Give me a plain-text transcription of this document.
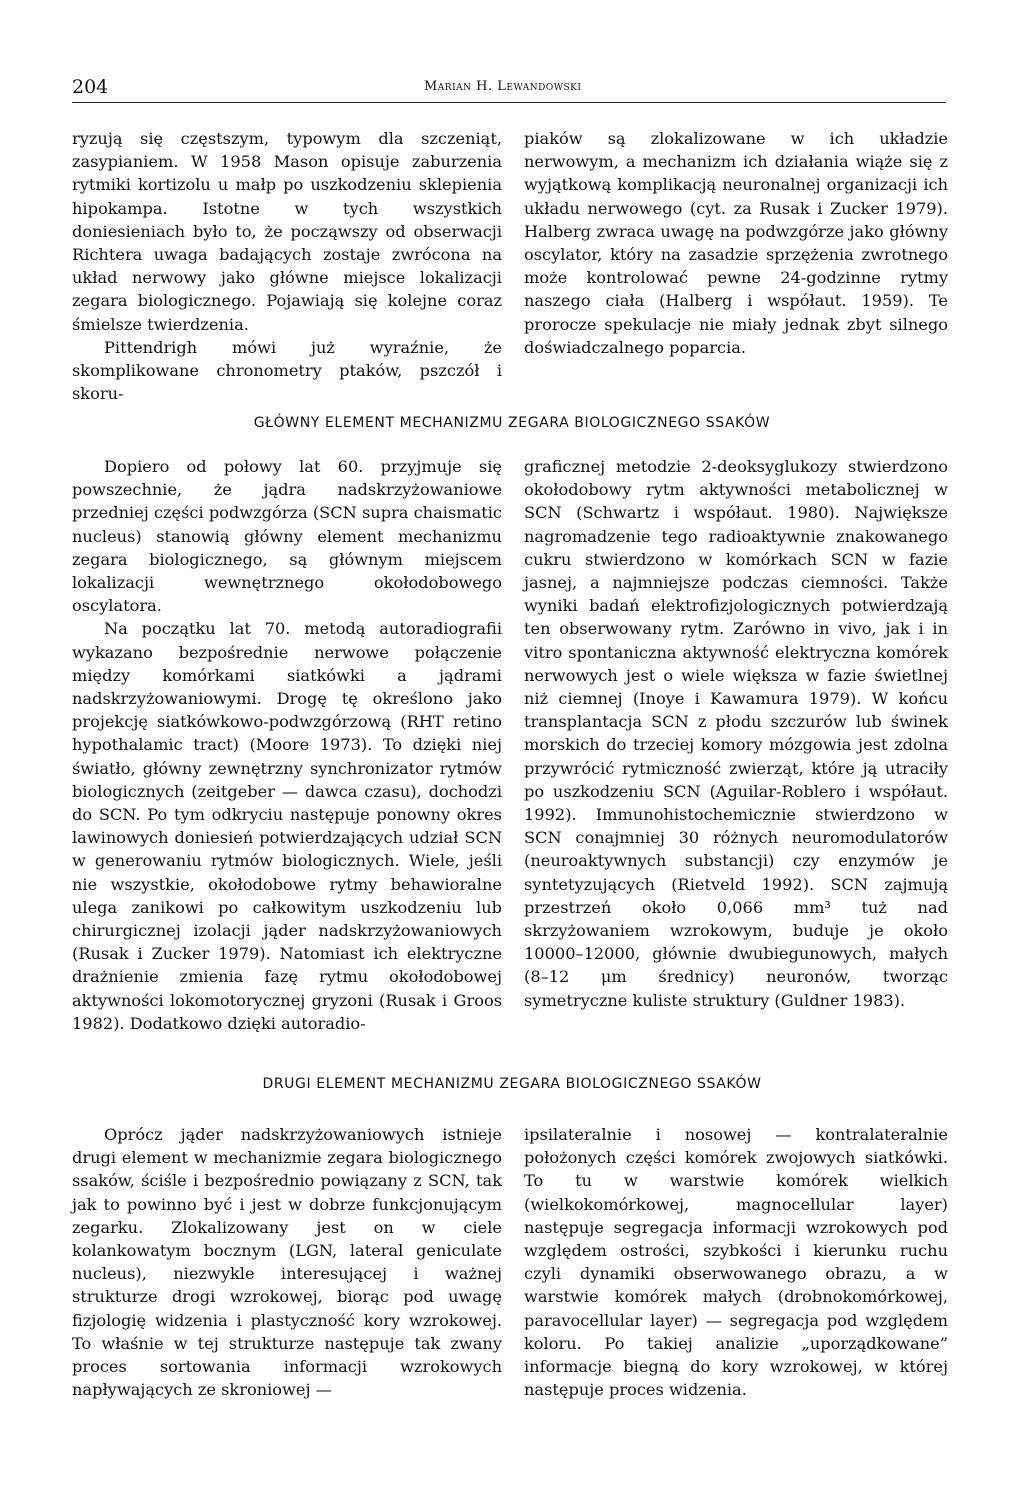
204	Marian H. Lewandowski

ryzują się częstszym, typowym dla szczeniąt, zasypianiem. W 1958 Mason opisuje zaburzenia rytmiki kortizolu u małp po uszkodzeniu sklepienia hipokampa. Istotne w tych wszystkich doniesieniach było to, że począwszy od obserwacji Richtera uwaga badających zostaje zwrócona na układ nerwowy jako główne miejsce lokalizacji zegara biologicznego. Pojawiają się kolejne coraz śmielsze twierdzenia.

Pittendrigh mówi już wyraźnie, że skomplikowane chronometry ptaków, pszczół i skoru-

piaków są zlokalizowane w ich układzie nerwowym, a mechanizm ich działania wiąże się z wyjątkową komplikacją neuronalnej organizacji ich układu nerwowego (cyt. za Rusak i Zucker 1979). Halberg zwraca uwagę na podwzgórze jako główny oscylator, który na zasadzie sprzężenia zwrotnego może kontrolować pewne 24-godzinne rytmy naszego ciała (Halberg i współaut. 1959). Te prorocze spekulacje nie miały jednak zbyt silnego doświadczalnego poparcia.

GŁÓWNY ELEMENT MECHANIZMU ZEGARA BIOLOGICZNEGO SSAKÓW

Dopiero od połowy lat 60. przyjmuje się powszechnie, że jądra nadskrzyżowaniowe przedniej części podwzgórza (SCN supra chaismatic nucleus) stanowią główny element mechanizmu zegara biologicznego, są głównym miejscem lokalizacji wewnętrznego okołodobowego oscylatora.

Na początku lat 70. metodą autoradiografii wykazano bezpośrednie nerwowe połączenie między komórkami siatkówki a jądrami nadskrzyżowaniowymi. Drogę tę określono jako projekcję siatkówkowo-podwzgórzową (RHT retino hypothalamic tract) (Moore 1973). To dzięki niej światło, główny zewnętrzny synchronizator rytmów biologicznych (zeitgeber — dawca czasu), dochodzi do SCN. Po tym odkryciu następuje ponowny okres lawinowych doniesień potwierdzających udział SCN w generowaniu rytmów biologicznych. Wiele, jeśli nie wszystkie, okołodobowe rytmy behawioralne ulega zanikowi po całkowitym uszkodzeniu lub chirurgicznej izolacji jąder nadskrzyżowaniowych (Rusak i Zucker 1979). Natomiast ich elektryczne drażnienie zmienia fazę rytmu okołodobowej aktywności lokomotorycznej gryzoni (Rusak i Groos 1982). Dodatkowo dzięki autoradio-

graficznej metodzie 2-deoksyglukozy stwierdzono okołodobowy rytm aktywności metabolicznej w SCN (Schwartz i współaut. 1980). Największe nagromadzenie tego radioaktywnie znakowanego cukru stwierdzono w komórkach SCN w fazie jasnej, a najmniejsze podczas ciemności. Także wyniki badań elektrofizjologicznych potwierdzają ten obserwowany rytm. Zarówno in vivo, jak i in vitro spontaniczna aktywność elektryczna komórek nerwowych jest o wiele większa w fazie świetlnej niż ciemnej (Inoye i Kawamura 1979). W końcu transplantacja SCN z płodu szczurów lub świnek morskich do trzeciej komory mózgowia jest zdolna przywrócić rytmiczność zwierząt, które ją utraciły po uszkodzeniu SCN (Aguilar-Roblero i współaut. 1992). Immunohistochemicznie stwierdzono w SCN conajmniej 30 różnych neuromodulatorów (neuroaktywnych substancji) czy enzymów je syntetyzujących (Rietveld 1992). SCN zajmują przestrzeń około 0,066 mm³ tuż nad skrzyżowaniem wzrokowym, buduje je około 10000–12000, głównie dwubiegunowych, małych (8–12 μm średnicy) neuronów, tworząc symetryczne kuliste struktury (Guldner 1983).

DRUGI ELEMENT MECHANIZMU ZEGARA BIOLOGICZNEGO SSAKÓW

Oprócz jąder nadskrzyżowaniowych istnieje drugi element w mechanizmie zegara biologicznego ssaków, ściśle i bezpośrednio powiązany z SCN, tak jak to powinno być i jest w dobrze funkcjonującym zegarku. Zlokalizowany jest on w ciele kolankowatym bocznym (LGN, lateral geniculate nucleus), niezwykle interesującej i ważnej strukturze drogi wzrokowej, biorąc pod uwagę fizjologię widzenia i plastyczność kory wzrokowej. To właśnie w tej strukturze następuje tak zwany proces sortowania informacji wzrokowych napływających ze skroniowej —

ipsilateralnie i nosowej — kontralateralnie położonych części komórek zwojowych siatkówki. To tu w warstwie komórek wielkich (wielkokomórkowej, magnocellular layer) następuje segregacja informacji wzrokowych pod względem ostrości, szybkości i kierunku ruchu czyli dynamiki obserwowanego obrazu, a w warstwie komórek małych (drobnokomórkowej, paravocellular layer) — segregacja pod względem koloru. Po takiej analizie „uporządkowane” informacje biegną do kory wzrokowej, w której następuje proces widzenia.
